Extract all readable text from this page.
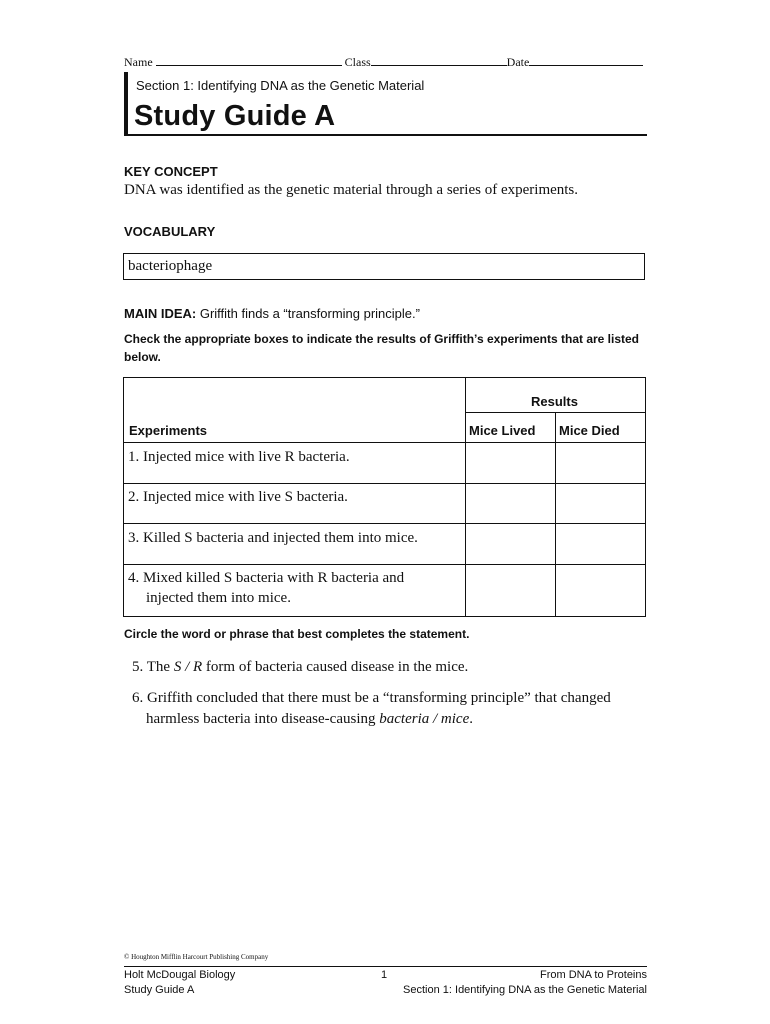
Name	Class	Date
Section 1: Identifying DNA as the Genetic Material
Study Guide A
KEY CONCEPT
DNA was identified as the genetic material through a series of experiments.
VOCABULARY
bacteriophage
MAIN IDEA: Griffith finds a “transforming principle.”
Check the appropriate boxes to indicate the results of Griffith’s experiments that are listed below.
Results
Experiments	Mice Lived Mice Died
1. Injected mice with live R bacteria.
2. Injected mice with live S bacteria.
3. Killed S bacteria and injected them into mice.
4. Mixed killed S bacteria with R bacteria and
injected them into mice.
Circle the word or phrase that best completes the statement.
5. The S / R form of bacteria caused disease in the mice.
6. Griffith concluded that there must be a “transforming principle” that changed
harmless bacteria into disease-causing bacteria / mice.
© Houghton Mifflin Harcourt Publishing Company
Holt McDougal Biology
Study Guide A
1	From DNA to Proteins
Section 1: Identifying DNA as the Genetic Material
